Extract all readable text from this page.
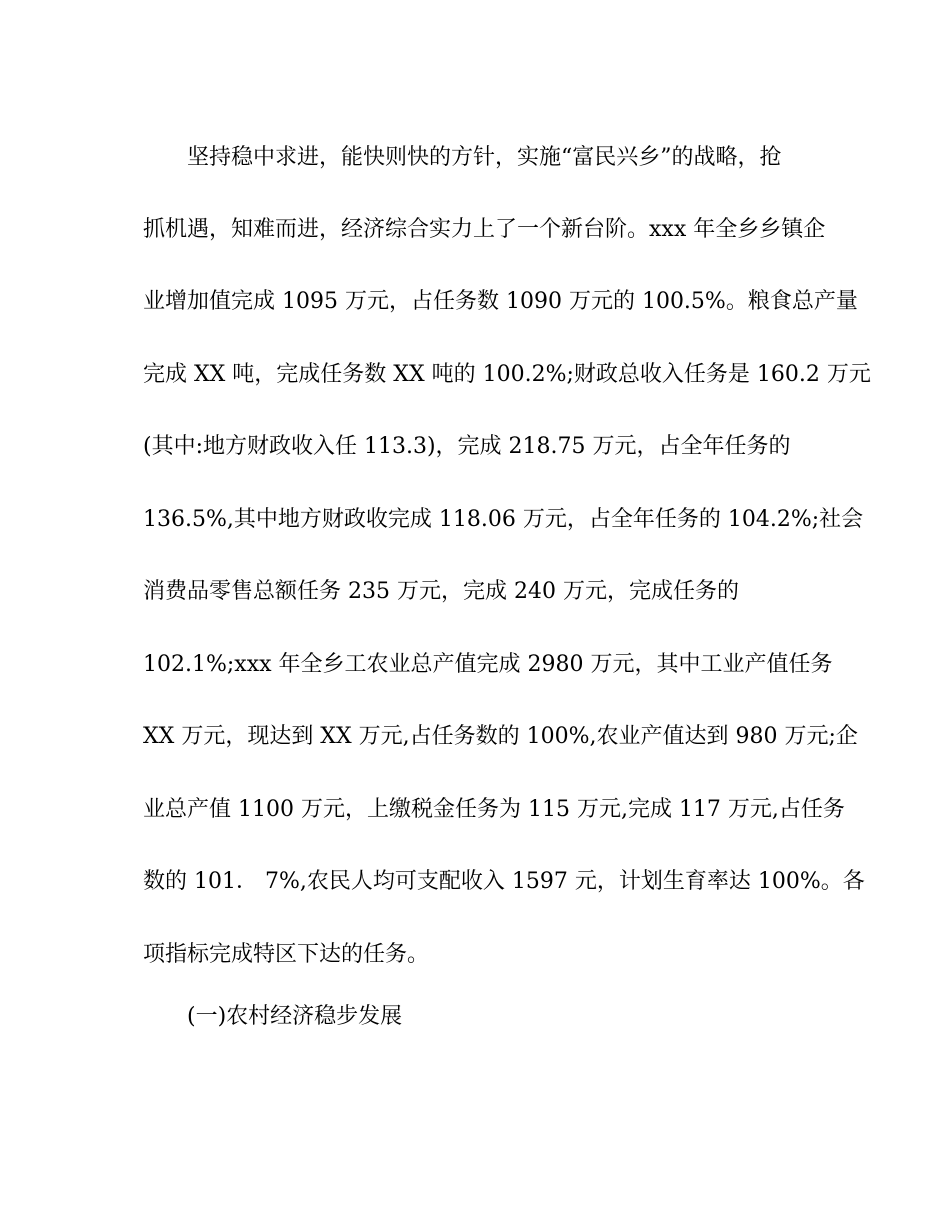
坚持稳中求进，能快则快的方针，实施“富民兴乡”的战略，抢
抓机遇，知难而进，经济综合实力上了一个新台阶。xxx 年全乡乡镇企
业增加值完成 1095 万元，占任务数 1090 万元的 100.5%。粮食总产量
完成 XX 吨，完成任务数 XX 吨的 100.2%;财政总收入任务是 160.2 万元
(其中:地方财政收入任 113.3)，完成 218.75 万元，占全年任务的
136.5%,其中地方财政收完成 118.06 万元，占全年任务的 104.2%;社会
消费品零售总额任务 235 万元，完成 240 万元，完成任务的
102.1%;xxx 年全乡工农业总产值完成 2980 万元，其中工业产值任务
XX 万元，现达到 XX 万元,占任务数的 100%,农业产值达到 980 万元;企
业总产值 1100 万元，上缴税金任务为 115 万元,完成 117 万元,占任务
数的 101． 7%,农民人均可支配收入 1597 元，计划生育率达 100%。各
项指标完成特区下达的任务。
(一)农村经济稳步发展
